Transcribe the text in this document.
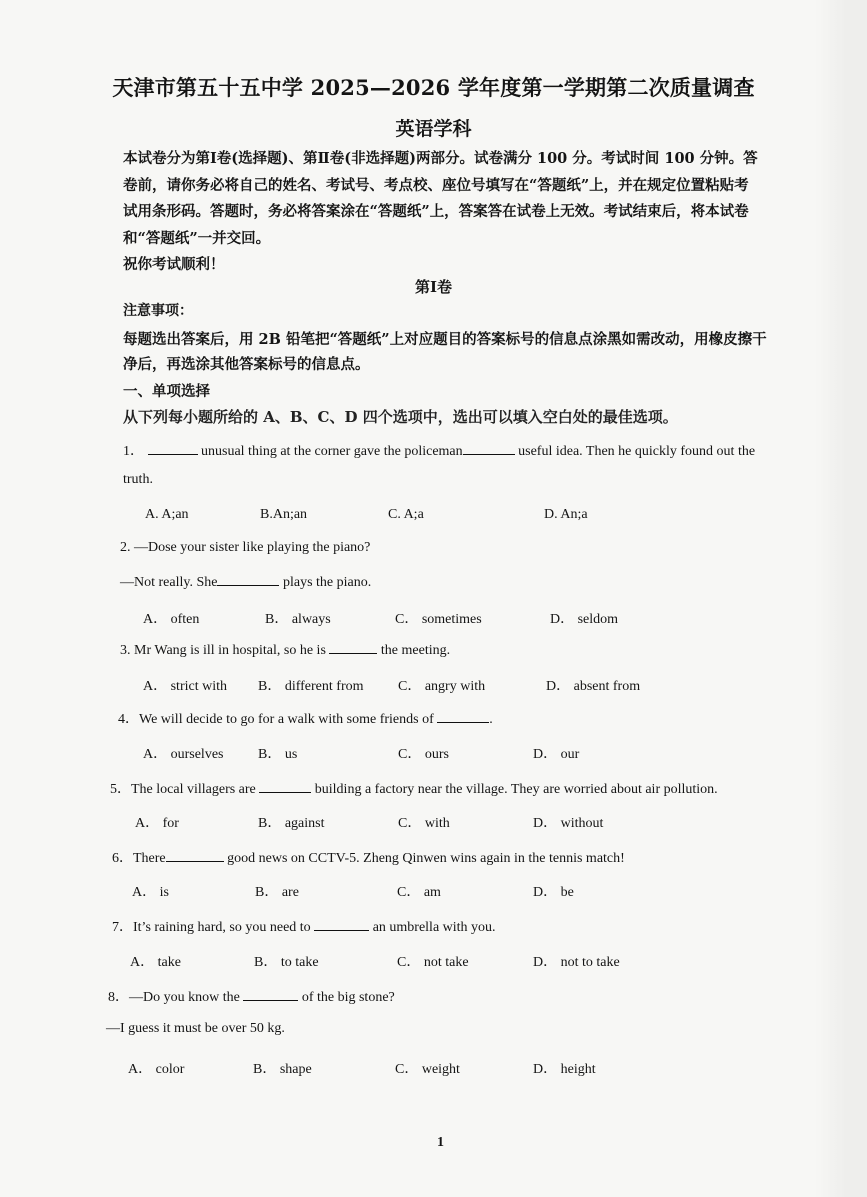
天津市第五十五中学 2025—2026 学年度第一学期第二次质量调查
英语学科
本试卷分为第Ⅰ卷(选择题)、第Ⅱ卷(非选择题)两部分。试卷满分 100 分。考试时间 100 分钟。答卷前，请你务必将自己的姓名、考试号、考点校、座位号填写在“答题纸”上，并在规定位置粘贴考试用条形码。答题时，务必将答案涂在“答题纸”上，答案答在试卷上无效。考试结束后，将本试卷和“答题纸”一并交回。
祝你考试顺利！
第Ⅰ卷
注意事项：
每题选出答案后，用 2B 铅笔把“答题纸”上对应题目的答案标号的信息点涂黑如需改动，用橡皮擦干净后，再选涂其他答案标号的信息点。
一、单项选择
从下列每小题所给的 A、B、C、D 四个选项中，选出可以填入空白处的最佳选项。
1．	unusual thing at the corner gave the policeman	useful idea. Then he quickly found out the
truth.
A. A;an	B.An;an	C. A;a	D. An;a
2. —Dose your sister like playing the piano?
—Not really. She	plays the piano.
A． often	B． always	C． sometimes	D． seldom
3. Mr Wang is ill in hospital, so he is	the meeting.
A． strict with B． different from C． angry with	D． absent from
4．We will decide to go for a walk with some friends of	.
A． ourselves B． us	C． ours	D． our
5．The local villagers are	building a factory near the village. They are worried about air pollution.
A． for	B． against	C． with	D． without
6．There	good news on CCTV-5. Zheng Qinwen wins again in the tennis match!
A． is	B． are	C． am	D． be
7．It’s raining hard, so you need to	an umbrella with you.
A． take	B． to take	C． not take	D． not to take
8．—Do you know the	of the big stone?
—I guess it must be over 50 kg.
A． color	B． shape	C． weight	D． height
1
